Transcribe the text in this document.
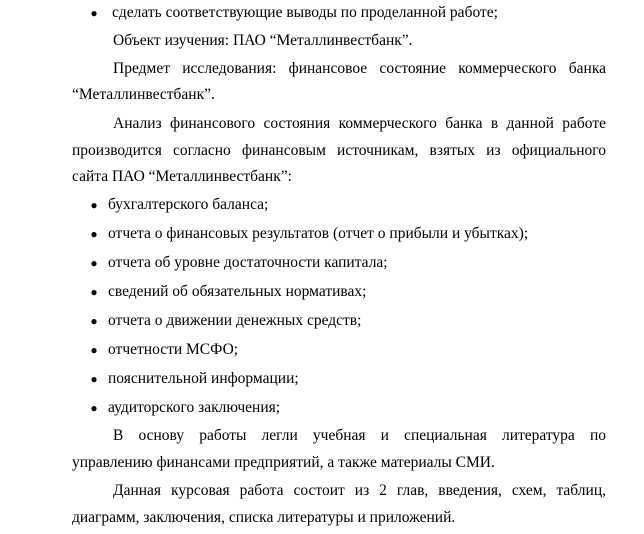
● сделать соответствующие выводы по проделанной работе;
Объект изучения: ПАО “Металлинвестбанк”.
Предмет исследования: финансовое состояние коммерческого банка
“Металлинвестбанк”.
Анализ финансового состояния коммерческого банка в данной работе
производится согласно финансовым источникам, взятых из официального
сайта ПАО “Металлинвестбанк”:
● бухгалтерского баланса;
● отчета о финансовых результатов (отчет о прибыли и убытках);
● отчета об уровне достаточности капитала;
● сведений об обязательных нормативах;
● отчета о движении денежных средств;
● отчетности МСФО;
● пояснительной информации;
● аудиторского заключения;
В основу работы легли учебная и специальная литература по
управлению финансами предприятий, а также материалы СМИ.
Данная курсовая работа состоит из 2 глав, введения, схем, таблиц,
диаграмм, заключения, списка литературы и приложений.
